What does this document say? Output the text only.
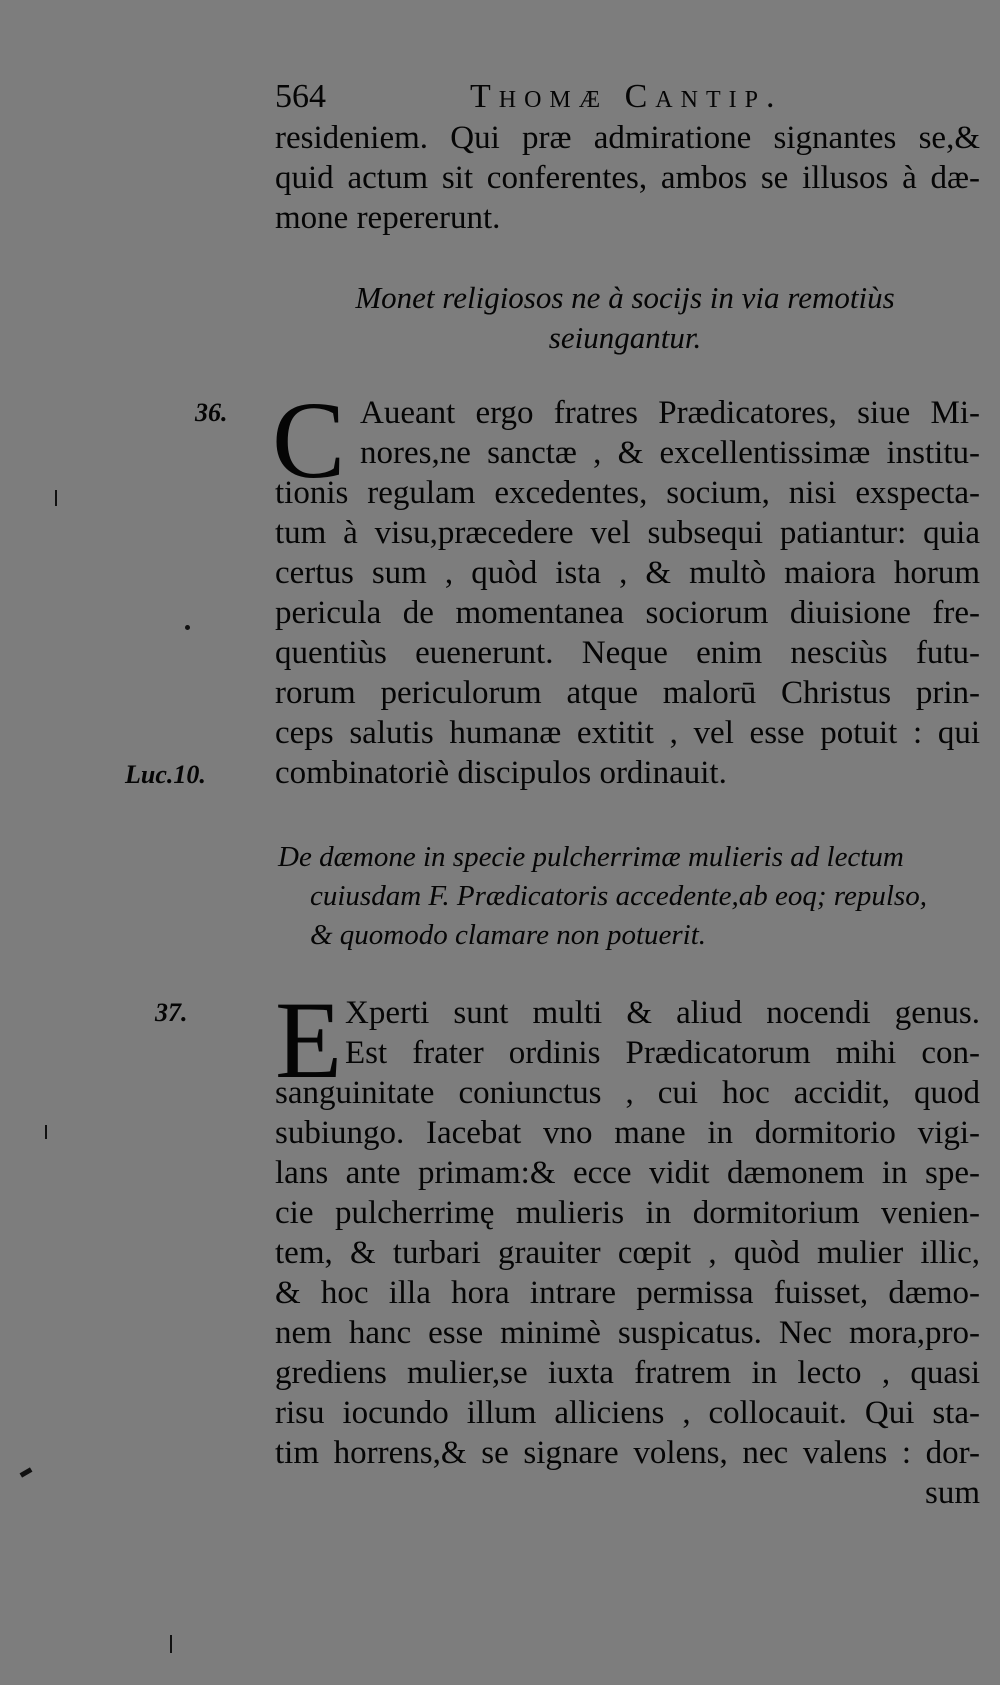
564	Thomæ Cantip.
resideniem. Qui præ admiratione signantes se,&
quid actum sit conferentes, ambos se illusos à dæ-
mone repererunt.
Monet religiosos ne à socijs in via remotiùs
seiungantur.
36. C Aueant ergo fratres Prædicatores, siue Mi-
nores,ne sanctæ , & excellentissimæ institu-
tionis regulam excedentes, socium, nisi exspecta-
tum à visu,præcedere vel subsequi patiantur: quia
certus sum , quòd ista , & multò maiora horum
pericula de momentanea sociorum diuisione fre-
quentiùs euenerunt. Neque enim nesciùs futu-
rorum periculorum atque malorū Christus prin-
ceps salutis humanæ extitit , vel esse potuit : qui
combinatoriè discipulos ordinauit.
Luc.10.
De dæmone in specie pulcherrimæ mulieris ad lectum
cuiusdam F. Prædicatoris accedente,ab eoq; repulso,
& quomodo clamare non potuerit.
37. E Xperti sunt multi & aliud nocendi genus.
Est frater ordinis Prædicatorum mihi con-
sanguinitate coniunctus , cui hoc accidit, quod
subiungo. Iacebat vno mane in dormitorio vigi-
lans ante primam:& ecce vidit dæmonem in spe-
cie pulcherrimę mulieris in dormitorium venien-
tem, & turbari grauiter cœpit , quòd mulier illic,
& hoc illa hora intrare permissa fuisset, dæmo-
nem hanc esse minimè suspicatus. Nec mora,pro-
grediens mulier,se iuxta fratrem in lecto , quasi
risu iocundo illum alliciens , collocauit. Qui sta-
tim horrens,& se signare volens, nec valens : dor-
sum
